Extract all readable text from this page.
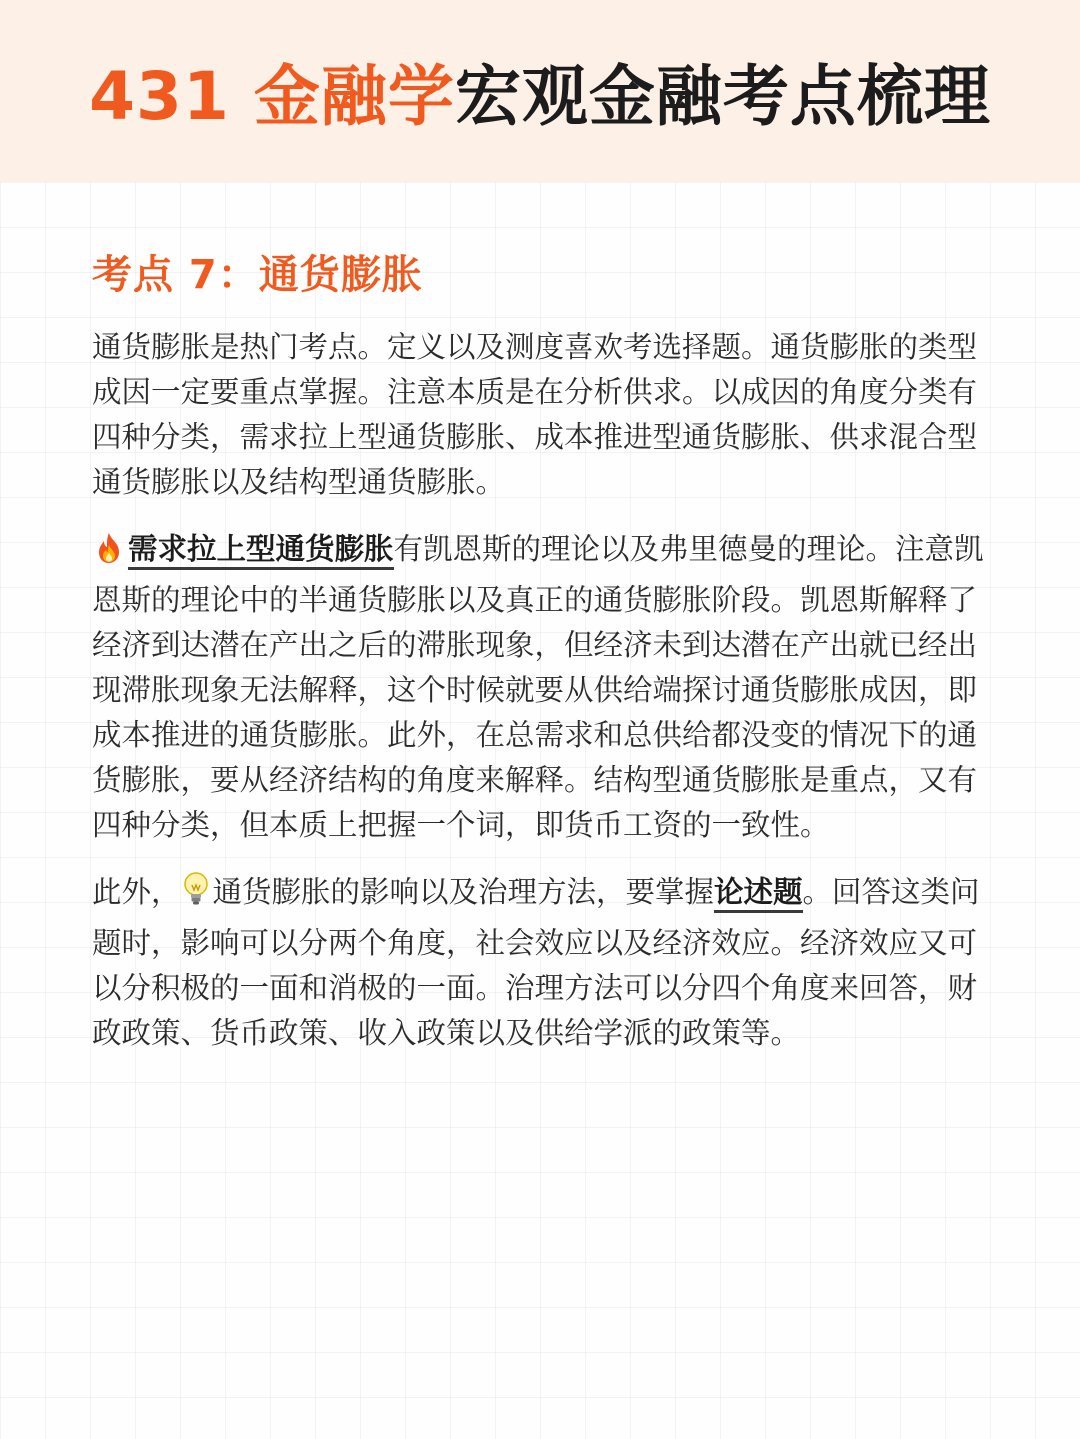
431 金融学宏观金融考点梳理
考点 7：通货膨胀

通货膨胀是热门考点。定义以及测度喜欢考选择题。通货膨胀的类型成因一定要重点掌握。注意本质是在分析供求。以成因的角度分类有四种分类，需求拉上型通货膨胀、成本推进型通货膨胀、供求混合型通货膨胀以及结构型通货膨胀。

需求拉上型通货膨胀有凯恩斯的理论以及弗里德曼的理论。注意凯恩斯的理论中的半通货膨胀以及真正的通货膨胀阶段。凯恩斯解释了经济到达潜在产出之后的滞胀现象，但经济未到达潜在产出就已经出现滞胀现象无法解释，这个时候就要从供给端探讨通货膨胀成因，即成本推进的通货膨胀。此外，在总需求和总供给都没变的情况下的通货膨胀，要从经济结构的角度来解释。结构型通货膨胀是重点，又有四种分类，但本质上把握一个词，即货币工资的一致性。

此外， 通货膨胀的影响以及治理方法，要掌握论述题。回答这类问题时，影响可以分两个角度，社会效应以及经济效应。经济效应又可以分积极的一面和消极的一面。治理方法可以分四个角度来回答，财政政策、货币政策、收入政策以及供给学派的政策等。
